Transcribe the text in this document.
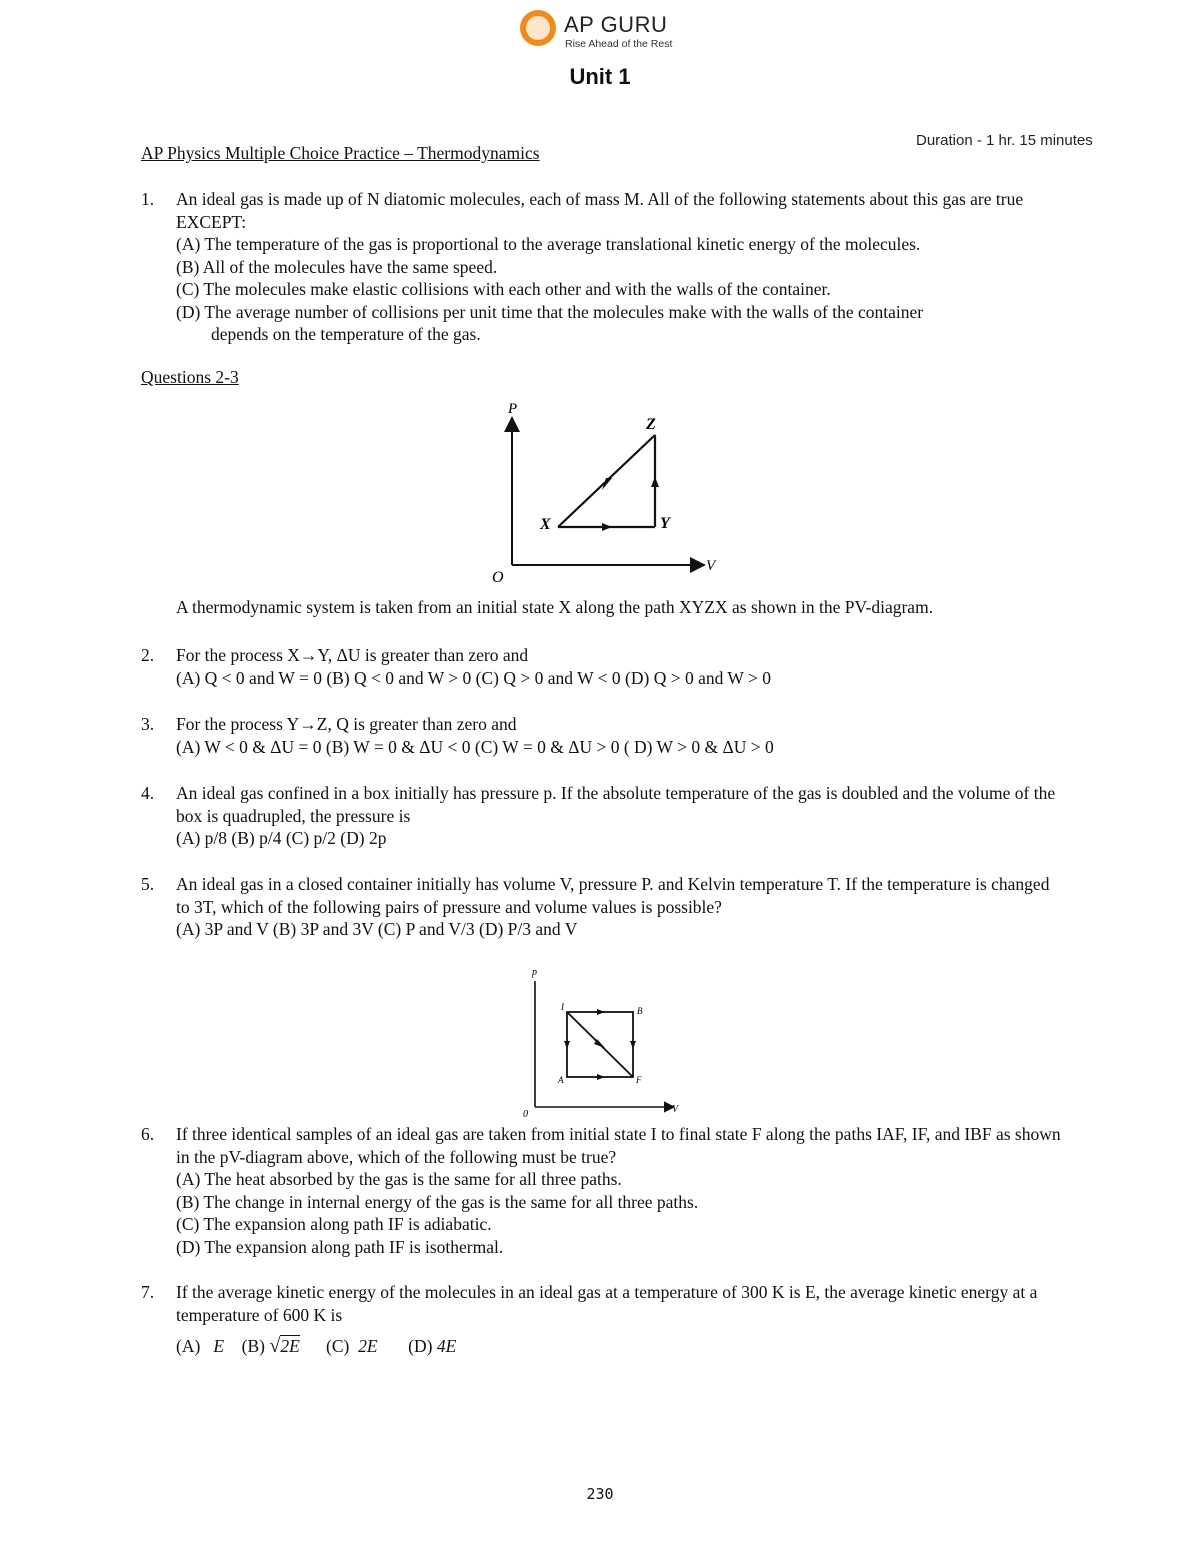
AP GURU
Rise Ahead of the Rest
Unit 1
Duration - 1 hr. 15 minutes
AP Physics Multiple Choice Practice – Thermodynamics
1.	An ideal gas is made up of N diatomic molecules, each of mass M. All of the following statements about this gas are true EXCEPT:
(A) The temperature of the gas is proportional to the average translational kinetic energy of the molecules.
(B) All of the molecules have the same speed.
(C) The molecules make elastic collisions with each other and with the walls of the container.
(D) The average number of collisions per unit time that the molecules make with the walls of the container
depends on the temperature of the gas.
Questions 2-3
P
V
O
X	Y
Z
A thermodynamic system is taken from an initial state X along the path XYZX as shown in the PV-diagram.
2.	For the process X→Y, ΔU is greater than zero and
(A) Q < 0 and W = 0 (B) Q < 0 and W > 0 (C) Q > 0 and W < 0 (D) Q > 0 and W > 0
3.	For the process Y→Z, Q is greater than zero and
(A) W < 0 & ΔU = 0 (B) W = 0 & ΔU < 0 (C) W = 0 & ΔU > 0 ( D) W > 0 & ΔU > 0
4.	An ideal gas confined in a box initially has pressure p. If the absolute temperature of the gas is doubled and the volume of the box is quadrupled, the pressure is
(A) p/8 (B) p/4 (C) p/2 (D) 2p
5.	An ideal gas in a closed container initially has volume V, pressure P. and Kelvin temperature T. If the temperature is changed to 3T, which of the following pairs of pressure and volume values is possible?
(A) 3P and V (B) 3P and 3V (C) P and V/3 (D) P/3 and V
p
V
0
I	B
A	F
6.	If three identical samples of an ideal gas are taken from initial state I to final state F along the paths IAF, IF, and IBF as shown in the pV-diagram above, which of the following must be true?
(A) The heat absorbed by the gas is the same for all three paths.
(B) The change in internal energy of the gas is the same for all three paths.
(C) The expansion along path IF is adiabatic.
(D) The expansion along path IF is isothermal.
7.	If the average kinetic energy of the molecules in an ideal gas at a temperature of 300 K is E, the average kinetic energy at a temperature of 600 K is
(A) E (B) √2E (C) 2E (D) 4E
230
